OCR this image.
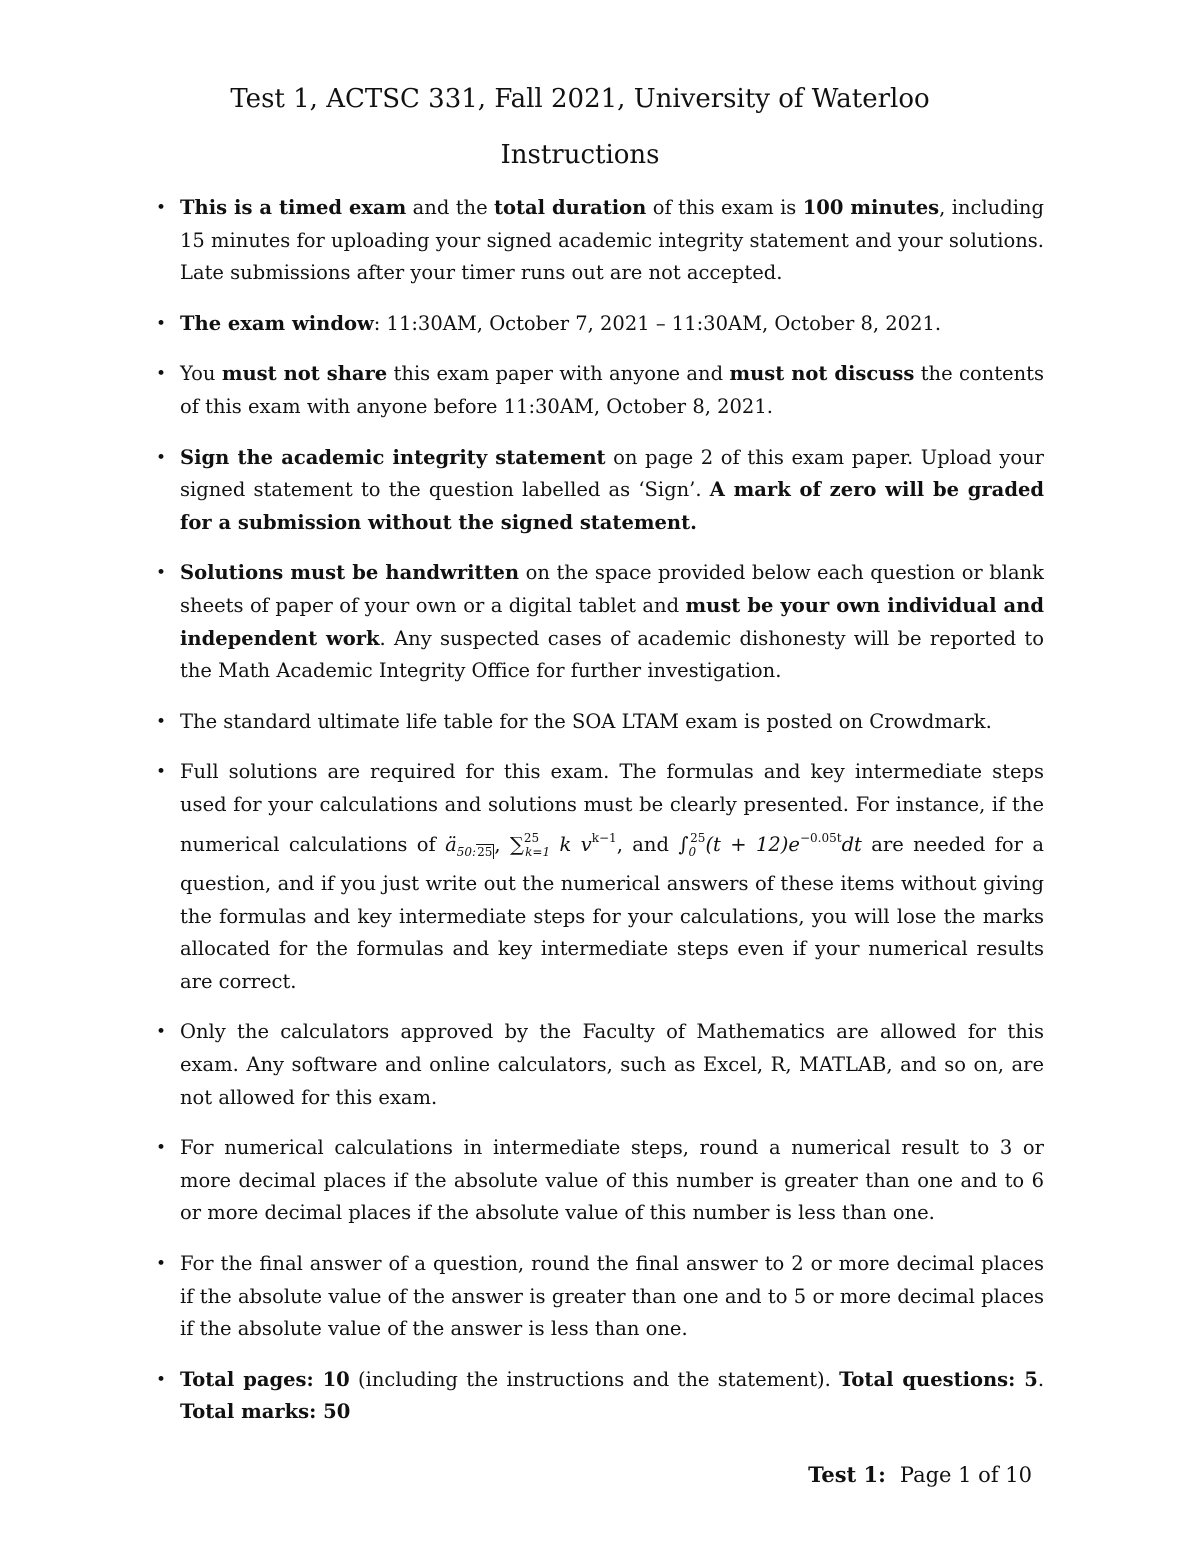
Test 1, ACTSC 331, Fall 2021, University of Waterloo
Instructions
• This is a timed exam and the total duration of this exam is 100 minutes, including 15 minutes for uploading your signed academic integrity statement and your solutions. Late submissions after your timer runs out are not accepted.
• The exam window: 11:30AM, October 7, 2021 – 11:30AM, October 8, 2021.
• You must not share this exam paper with anyone and must not discuss the contents of this exam with anyone before 11:30AM, October 8, 2021.
• Sign the academic integrity statement on page 2 of this exam paper. Upload your signed statement to the question labelled as ‘Sign’. A mark of zero will be graded for a submission without the signed statement.
• Solutions must be handwritten on the space provided below each question or blank sheets of paper of your own or a digital tablet and must be your own individual and independent work. Any suspected cases of academic dishonesty will be reported to the Math Academic Integrity Office for further investigation.
• The standard ultimate life table for the SOA LTAM exam is posted on Crowdmark.
• Full solutions are required for this exam. The formulas and key intermediate steps used for your calculations and solutions must be clearly presented. For instance, if the numerical calculations of $ä_{50:25}$ , ∑$^{25}_{k=1}$ k $v^{k-1}$, and $\int_0^{25}(t + 12)e^{-0.05t}dt$ are needed for a question, and if you just write out the numerical answers of these items without giving the formulas and key intermediate steps for your calculations, you will lose the marks allocated for the formulas and key intermediate steps even if your numerical results are correct.
• Only the calculators approved by the Faculty of Mathematics are allowed for this exam. Any software and online calculators, such as Excel, R, MATLAB, and so on, are not allowed for this exam.
• For numerical calculations in intermediate steps, round a numerical result to 3 or more decimal places if the absolute value of this number is greater than one and to 6 or more decimal places if the absolute value of this number is less than one.
• For the final answer of a question, round the final answer to 2 or more decimal places if the absolute value of the answer is greater than one and to 5 or more decimal places if the absolute value of the answer is less than one.
• Total pages: 10 (including the instructions and the statement). Total questions: 5. Total marks: 50
Test 1: Page 1 of 10
